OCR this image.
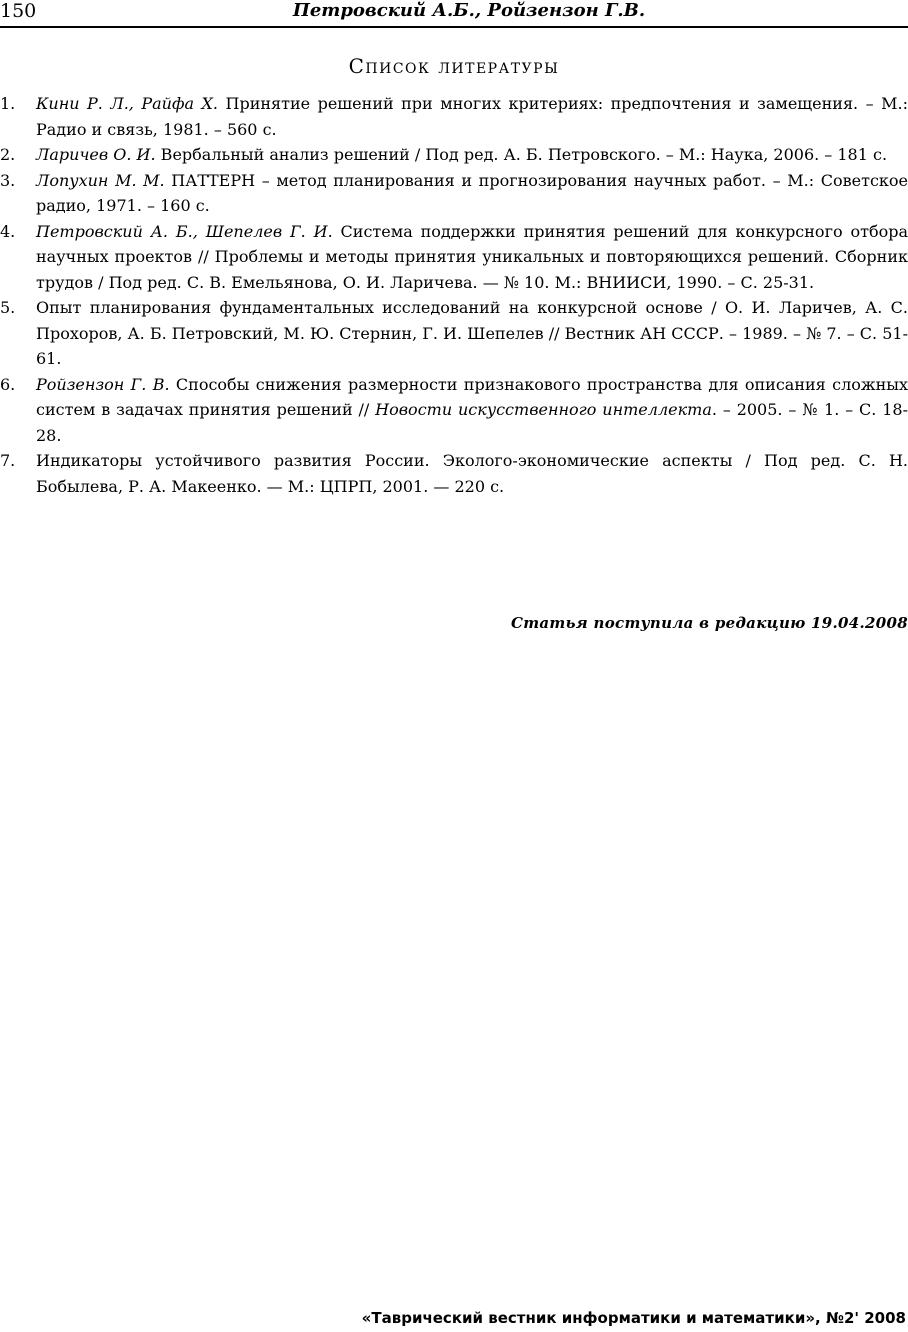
150	Петровский А.Б., Ройзензон Г.В.
Список литературы
1. Кини Р. Л., Райфа Х. Принятие решений при многих критериях: предпочтения и замещения. – М.: Радио и связь, 1981. – 560 с.
2. Ларичев О. И. Вербальный анализ решений / Под ред. А. Б. Петровского. – М.: Наука, 2006. – 181 с.
3. Лопухин М. М. ПАТТЕРН – метод планирования и прогнозирования научных работ. – М.: Советское радио, 1971. – 160 с.
4. Петровский А. Б., Шепелев Г. И. Система поддержки принятия решений для конкурсного отбора научных проектов // Проблемы и методы принятия уникальных и повторяющихся решений. Сборник трудов / Под ред. С. В. Емельянова, О. И. Ларичева. — № 10. М.: ВНИИСИ, 1990. – С. 25-31.
5. Опыт планирования фундаментальных исследований на конкурсной основе / О. И. Ларичев, А. С. Прохоров, А. Б. Петровский, М. Ю. Стернин, Г. И. Шепелев // Вестник АН СССР. – 1989. – № 7. – С. 51-61.
6. Ройзензон Г. В. Способы снижения размерности признакового пространства для описания сложных систем в задачах принятия решений // Новости искусственного интеллекта. – 2005. – № 1. – С. 18-28.
7. Индикаторы устойчивого развития России. Эколого-экономические аспекты / Под ред. С. Н. Бобылева, Р. А. Макеенко. — М.: ЦПРП, 2001. — 220 с.
Статья поступила в редакцию 19.04.2008
«Таврический вестник информатики и математики», №2' 2008
